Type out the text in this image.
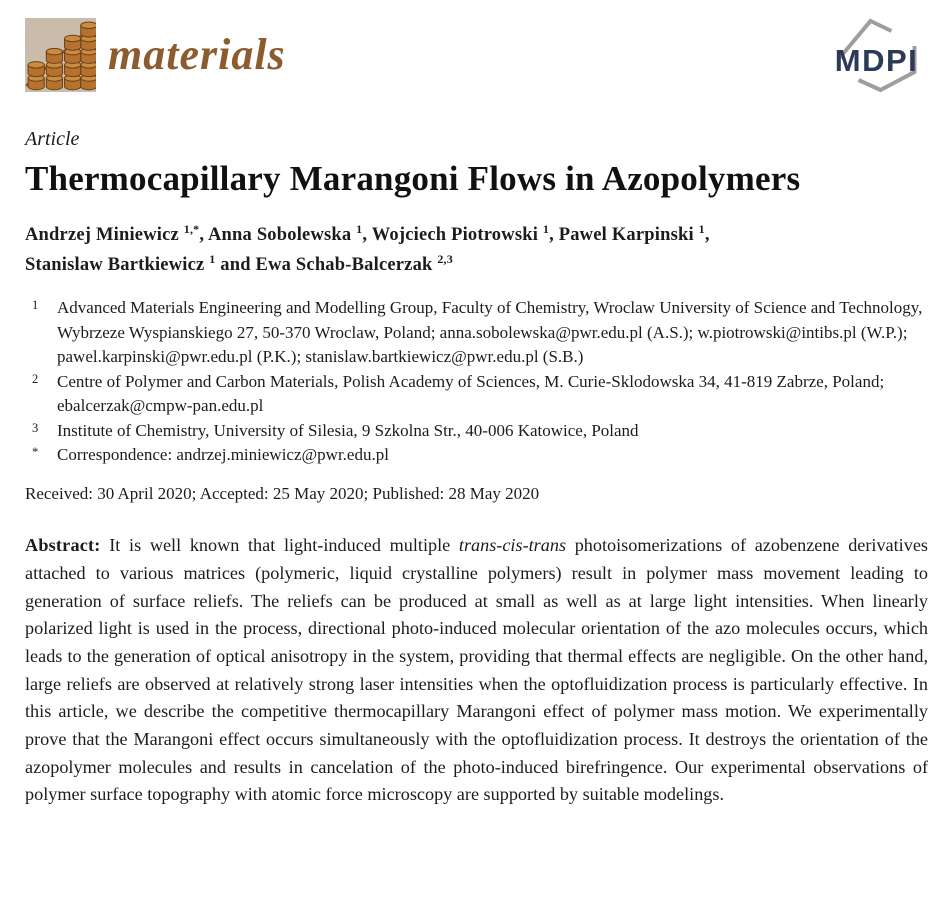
materials	MDPI

Article

Thermocapillary Marangoni Flows in Azopolymers

Andrzej Miniewicz $^{1,*}$, Anna Sobolewska $^1$, Wojciech Piotrowski $^1$, Pawel Karpinski $^1$,
Stanislaw Bartkiewicz $^1$ and Ewa Schab-Balcerzak $^{2,3}$

1	Advanced Materials Engineering and Modelling Group, Faculty of Chemistry, Wroclaw University of Science and Technology, Wybrzeze Wyspianskiego 27, 50-370 Wroclaw, Poland; anna.sobolewska@pwr.edu.pl (A.S.); w.piotrowski@intibs.pl (W.P.); pawel.karpinski@pwr.edu.pl (P.K.); stanislaw.bartkiewicz@pwr.edu.pl (S.B.)
2	Centre of Polymer and Carbon Materials, Polish Academy of Sciences, M. Curie-Sklodowska 34, 41-819 Zabrze, Poland; ebalcerzak@cmpw-pan.edu.pl
3	Institute of Chemistry, University of Silesia, 9 Szkolna Str., 40-006 Katowice, Poland
*	Correspondence: andrzej.miniewicz@pwr.edu.pl

Received: 30 April 2020; Accepted: 25 May 2020; Published: 28 May 2020

Abstract: It is well known that light-induced multiple trans-cis-trans photoisomerizations of azobenzene derivatives attached to various matrices (polymeric, liquid crystalline polymers) result in polymer mass movement leading to generation of surface reliefs. The reliefs can be produced at small as well as at large light intensities. When linearly polarized light is used in the process, directional photo-induced molecular orientation of the azo molecules occurs, which leads to the generation of optical anisotropy in the system, providing that thermal effects are negligible. On the other hand, large reliefs are observed at relatively strong laser intensities when the optofluidization process is particularly effective. In this article, we describe the competitive thermocapillary Marangoni effect of polymer mass motion. We experimentally prove that the Marangoni effect occurs simultaneously with the optofluidization process. It destroys the orientation of the azopolymer molecules and results in cancelation of the photo-induced birefringence. Our experimental observations of polymer surface topography with atomic force microscopy are supported by suitable modelings.
